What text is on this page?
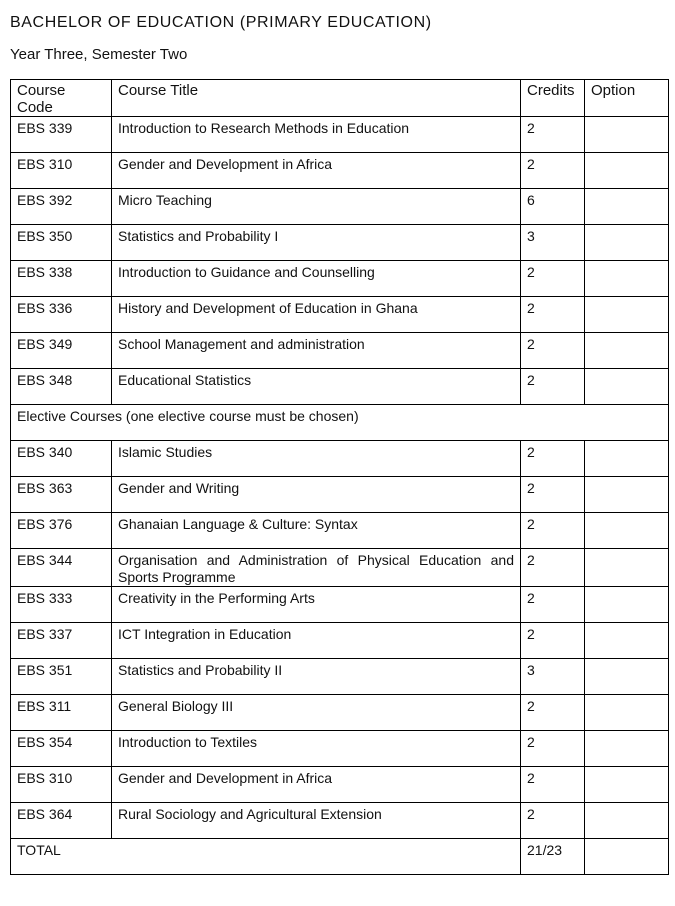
BACHELOR OF EDUCATION (PRIMARY EDUCATION)
Year Three, Semester Two
Course Code	Course Title	Credits	Option
EBS 339	Introduction to Research Methods in Education	2	
EBS 310	Gender and Development in Africa	2	
EBS 392	Micro Teaching	6	
EBS 350	Statistics and Probability I	3	
EBS 338	Introduction to Guidance and Counselling	2	
EBS 336	History and Development of Education in Ghana	2	
EBS 349	School Management and administration	2	
EBS 348	Educational Statistics	2	
Elective Courses (one elective course must be chosen)			
EBS 340	Islamic Studies	2	
EBS 363	Gender and Writing	2	
EBS 376	Ghanaian Language & Culture: Syntax	2	
EBS 344	Organisation and Administration of Physical Education and Sports Programme	2	
EBS 333	Creativity in the Performing Arts	2	
EBS 337	ICT Integration in Education	2	
EBS 351	Statistics and Probability II	3	
EBS 311	General Biology III	2	
EBS 354	Introduction to Textiles	2	
EBS 310	Gender and Development in Africa	2	
EBS 364	Rural Sociology and Agricultural Extension	2	
TOTAL		21/23	
